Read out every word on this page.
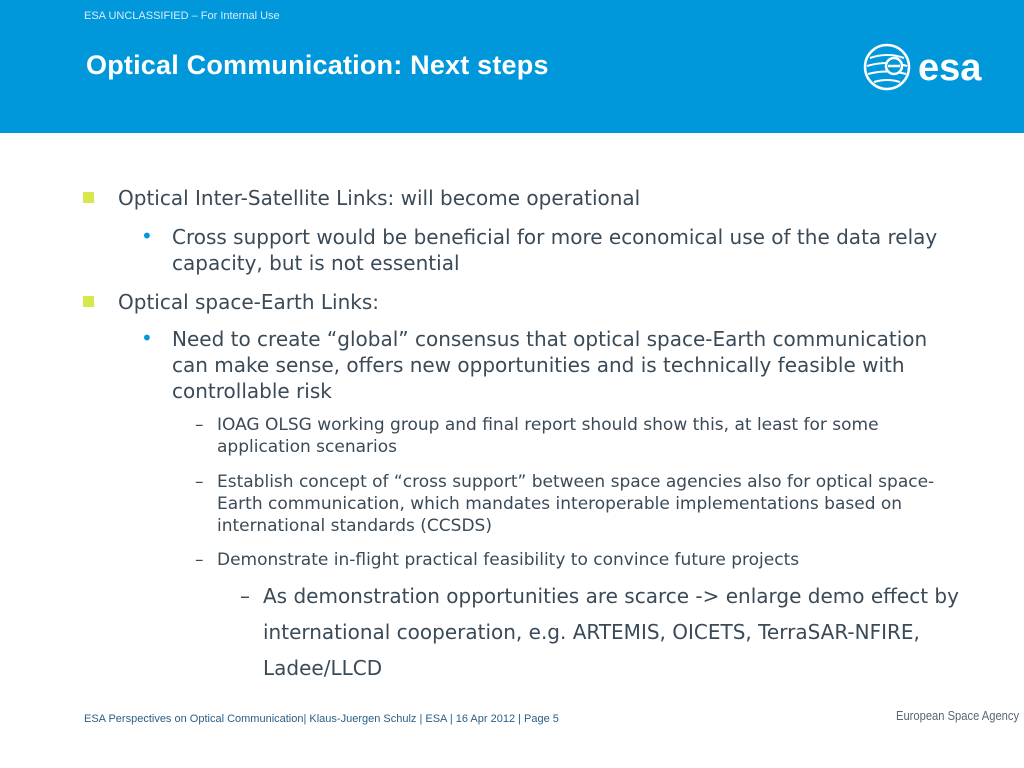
ESA UNCLASSIFIED – For Internal Use
Optical Communication: Next steps	esa
Optical Inter-Satellite Links: will become operational
• Cross support would be beneficial for more economical use of the data relay capacity, but is not essential
Optical space-Earth Links:
• Need to create “global” consensus that optical space-Earth communication can make sense, offers new opportunities and is technically feasible with controllable risk
– IOAG OLSG working group and final report should show this, at least for some application scenarios
– Establish concept of “cross support” between space agencies also for optical space-Earth communication, which mandates interoperable implementations based on international standards (CCSDS)
– Demonstrate in-flight practical feasibility to convince future projects
– As demonstration opportunities are scarce -> enlarge demo effect by international cooperation, e.g. ARTEMIS, OICETS, TerraSAR-NFIRE, Ladee/LLCD
ESA Perspectives on Optical Communication| Klaus-Juergen Schulz | ESA | 16 Apr 2012 | Page 5	European Space Agency
